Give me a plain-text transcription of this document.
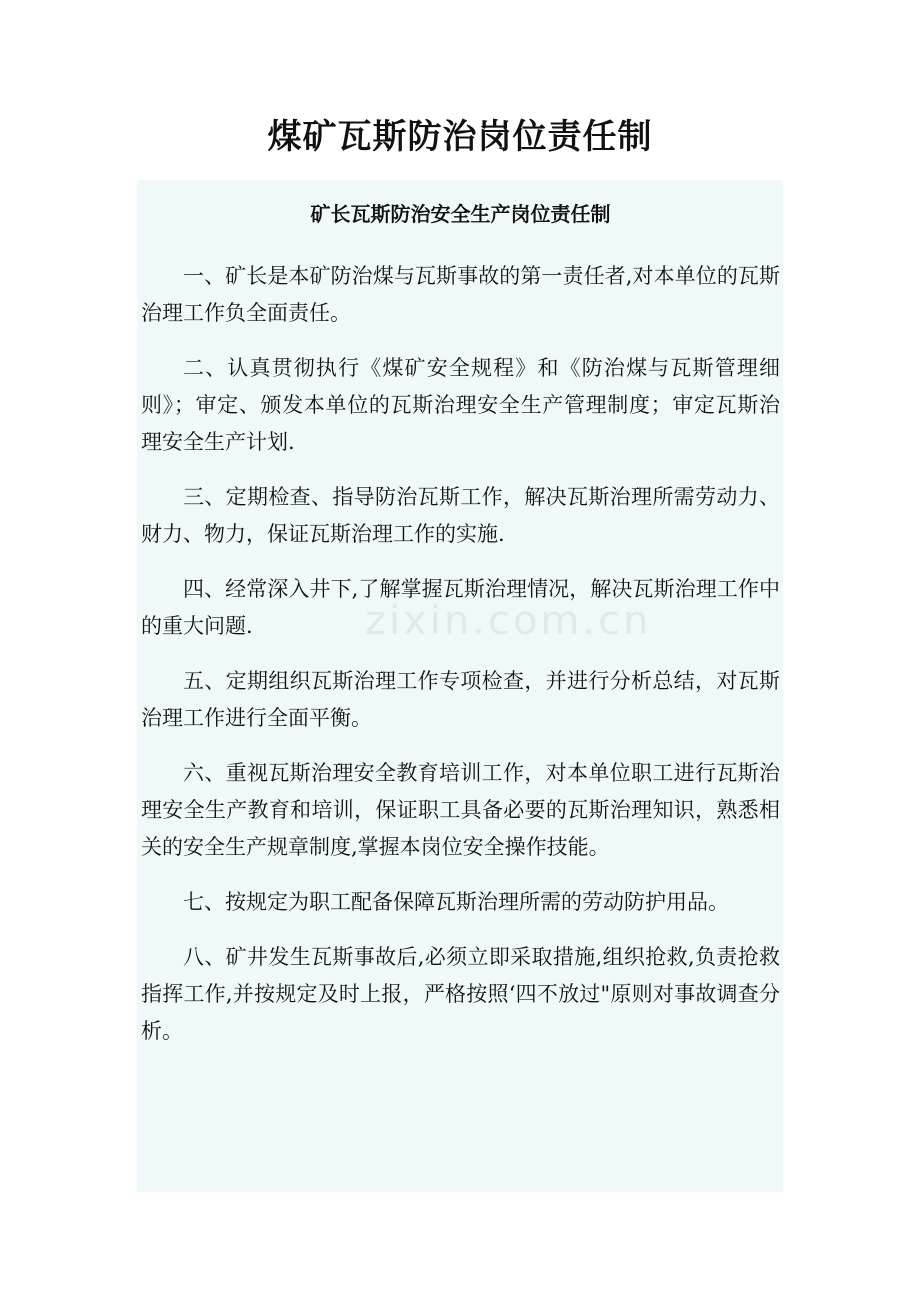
煤矿瓦斯防治岗位责任制
矿长瓦斯防治安全生产岗位责任制

一、矿长是本矿防治煤与瓦斯事故的第一责任者,对本单位的瓦斯治理工作负全面责任。

二、认真贯彻执行《煤矿安全规程》和《防治煤与瓦斯管理细则》；审定、颁发本单位的瓦斯治理安全生产管理制度；审定瓦斯治理安全生产计划.

三、定期检查、指导防治瓦斯工作，解决瓦斯治理所需劳动力、财力、物力，保证瓦斯治理工作的实施.

四、经常深入井下,了解掌握瓦斯治理情况，解决瓦斯治理工作中的重大问题.

五、定期组织瓦斯治理工作专项检查，并进行分析总结，对瓦斯治理工作进行全面平衡。

六、重视瓦斯治理安全教育培训工作，对本单位职工进行瓦斯治理安全生产教育和培训，保证职工具备必要的瓦斯治理知识，熟悉相关的安全生产规章制度,掌握本岗位安全操作技能。

七、按规定为职工配备保障瓦斯治理所需的劳动防护用品。

八、矿井发生瓦斯事故后,必须立即采取措施,组织抢救,负责抢救指挥工作,并按规定及时上报，严格按照‘四不放过"原则对事故调查分析。
